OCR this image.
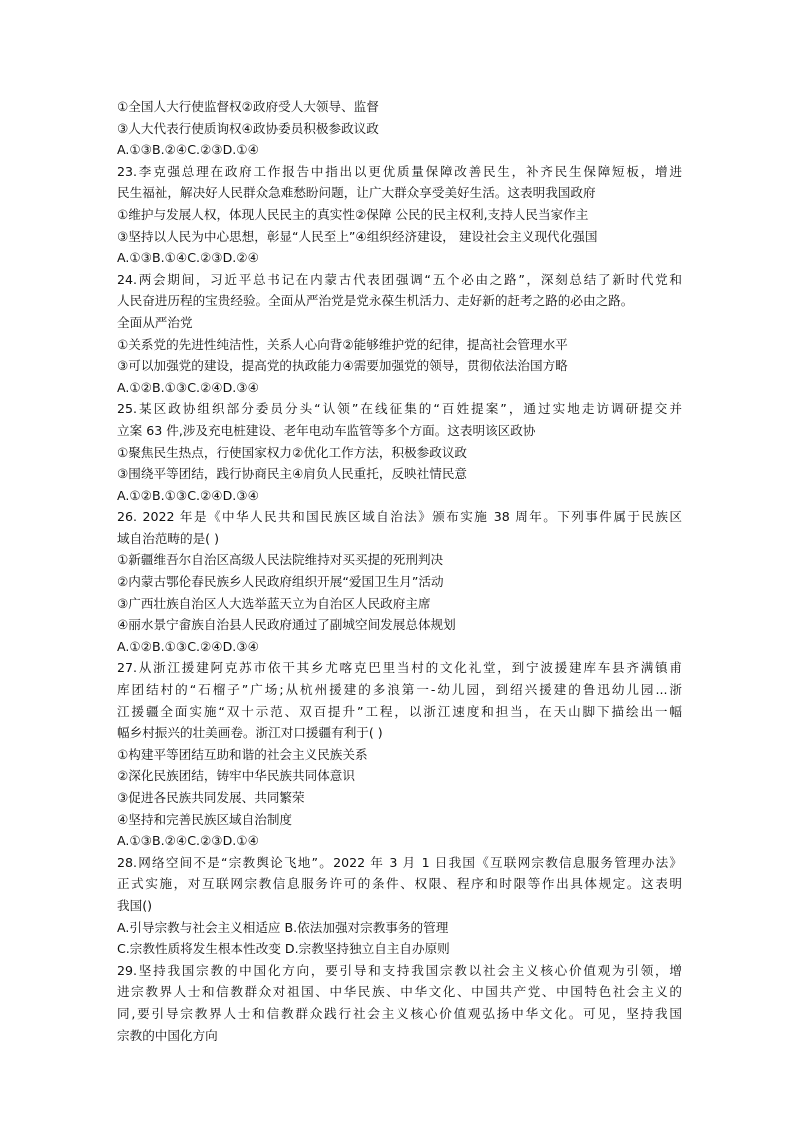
①全国人大行使监督权②政府受人大领导、监督
③人大代表行使质询权④政协委员积极参政议政
A.①③B.②④C.②③D.①④
23.李克强总理在政府工作报告中指出以更优质量保障改善民生，补齐民生保障短板，增进
民生福祉，解决好人民群众急难愁盼问题，让广大群众享受美好生活。这表明我国政府
①维护与发展人权，体现人民民主的真实性②保障 公民的民主权利,支持人民当家作主
③坚持以人民为中心思想，彰显“人民至上”④组织经济建设， 建设社会主义现代化强国
A.①③B.①④C.②③D.②④
24.两会期间，习近平总书记在内蒙古代表团强调“五个必由之路”，深刻总结了新时代党和
人民奋进历程的宝贵经验。全面从严治党是党永葆生机活力、走好新的赶考之路的必由之路。
全面从严治党
①关系党的先进性纯洁性，关系人心向背②能够维护党的纪律，提高社会管理水平
③可以加强党的建设，提高党的执政能力④需要加强党的领导，贯彻依法治国方略
A.①②B.①③C.②④D.③④
25.某区政协组织部分委员分头“认领”在线征集的“百姓提案”，通过实地走访调研提交并
立案 63 件,涉及充电桩建设、老年电动车监管等多个方面。这表明该区政协
①聚焦民生热点，行使国家权力②优化工作方法，积极参政议政
③围绕平等团结，践行协商民主④肩负人民重托，反映社情民意
A.①②B.①③C.②④D.③④
26. 2022 年是《中华人民共和国民族区域自治法》颁布实施 38 周年。下列事件属于民族区
域自治范畴的是( )
①新疆维吾尔自治区高级人民法院维持对买买提的死刑判决
②内蒙古鄂伦春民族乡人民政府组织开展“爱国卫生月”活动
③广西壮族自治区人大选举蓝天立为自治区人民政府主席
④丽水景宁畲族自治县人民政府通过了副城空间发展总体规划
A.①②B.①③C.②④D.③④
27.从浙江援建阿克苏市依干其乡尤喀克巴里当村的文化礼堂，到宁波援建库车县齐满镇甫
库团结村的“石榴子”广场;从杭州援建的多浪第一-幼儿园，到绍兴援建的鲁迅幼儿园...浙
江援疆全面实施“双十示范、双百提升”工程，以浙江速度和担当，在天山脚下描绘出一幅
幅乡村振兴的壮美画卷。浙江对口援疆有利于( )
①构建平等团结互助和谐的社会主义民族关系
②深化民族团结，铸牢中华民族共同体意识
③促进各民族共同发展、共同繁荣
④坚持和完善民族区域自治制度
A.①③B.②④C.②③D.①④
28.网络空间不是“宗教舆论飞地”。2022 年 3 月 1 日我国《互联网宗教信息服务管理办法》
正式实施，对互联网宗教信息服务许可的条件、权限、程序和时限等作出具体规定。这表明
我国()
A.引导宗教与社会主义相适应 B.依法加强对宗教事务的管理
C.宗教性质将发生根本性改变 D.宗教坚持独立自主自办原则
29.坚持我国宗教的中国化方向，要引导和支持我国宗教以社会主义核心价值观为引领，增
进宗教界人士和信教群众对祖国、中华民族、中华文化、中国共产党、中国特色社会主义的
同,要引导宗教界人士和信教群众践行社会主义核心价值观弘扬中华文化。可见，坚持我国
宗教的中国化方向
